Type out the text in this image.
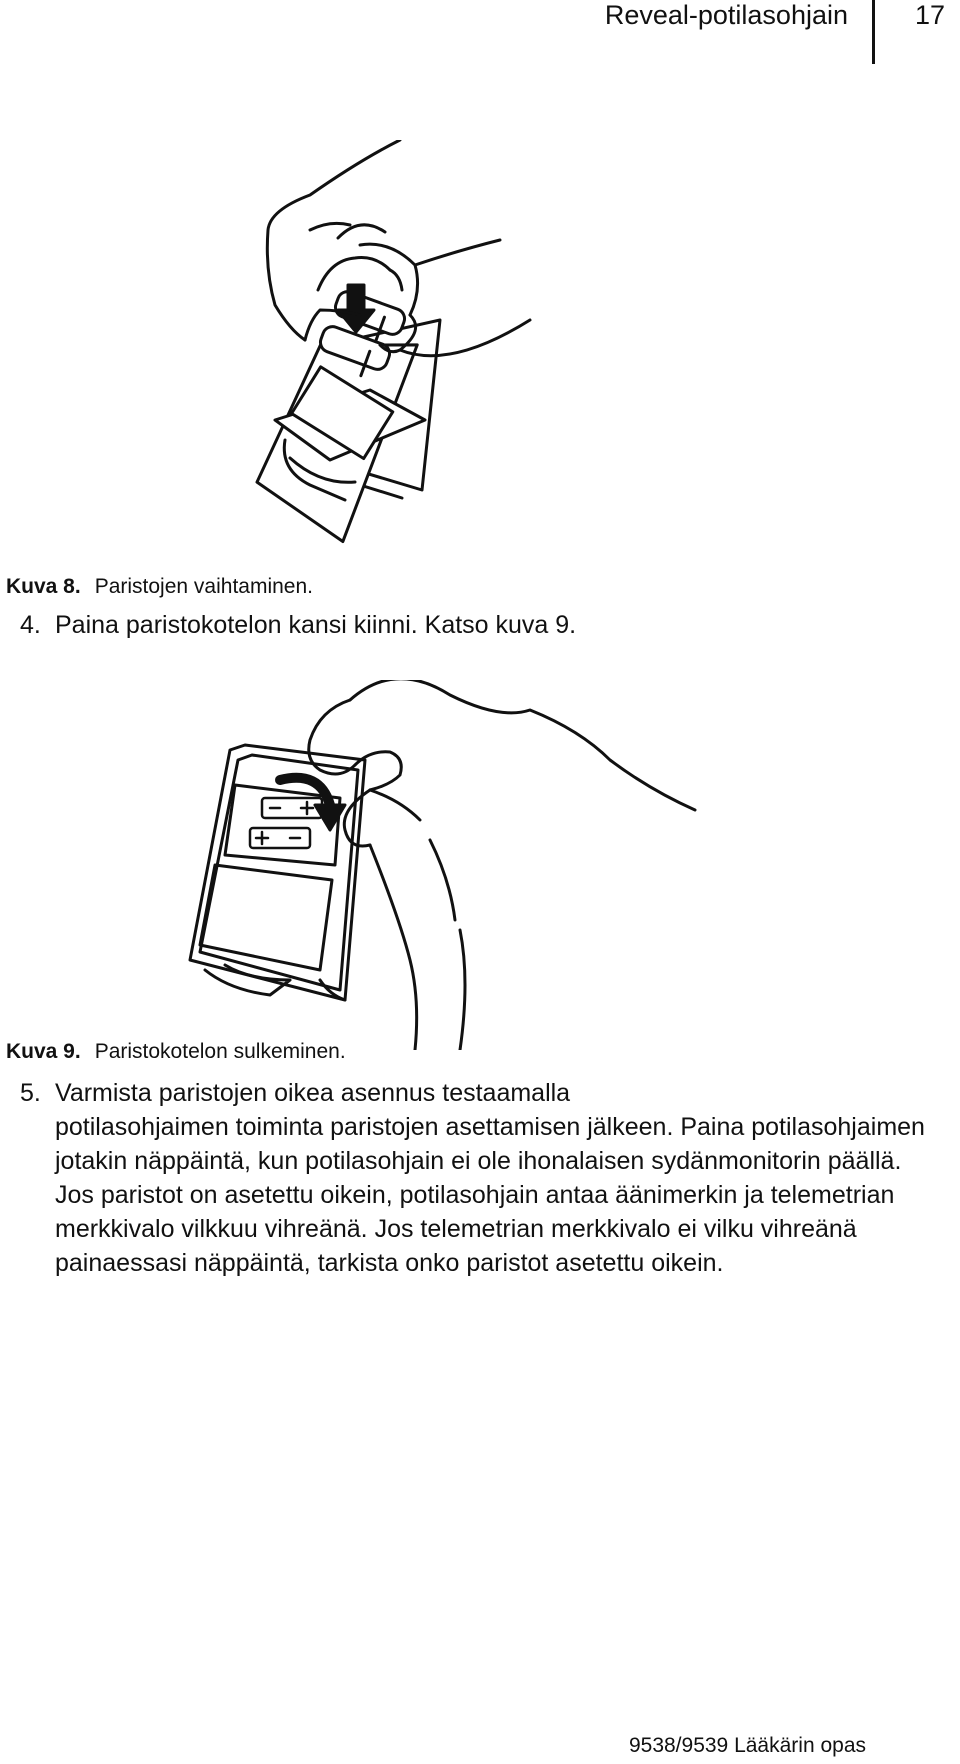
Reveal-potilasohjain 17
Kuva 8. Paristojen vaihtaminen.
4. Paina paristokotelon kansi kiinni. Katso kuva 9.
Kuva 9. Paristokotelon sulkeminen.
5. Varmista paristojen oikea asennus testaamalla

potilasohjaimen toiminta paristojen asettamisen jälkeen. Paina potilasohjaimen jotakin näppäintä, kun potilasohjain ei ole ihonalaisen sydänmonitorin päällä. Jos paristot on asetettu oikein, potilasohjain antaa äänimerkin ja telemetrian merkkivalo vilkkuu vihreänä. Jos telemetrian merkkivalo ei vilku vihreänä painaessasi näppäintä, tarkista onko paristot asetettu oikein.

9538/9539 Lääkärin opas
